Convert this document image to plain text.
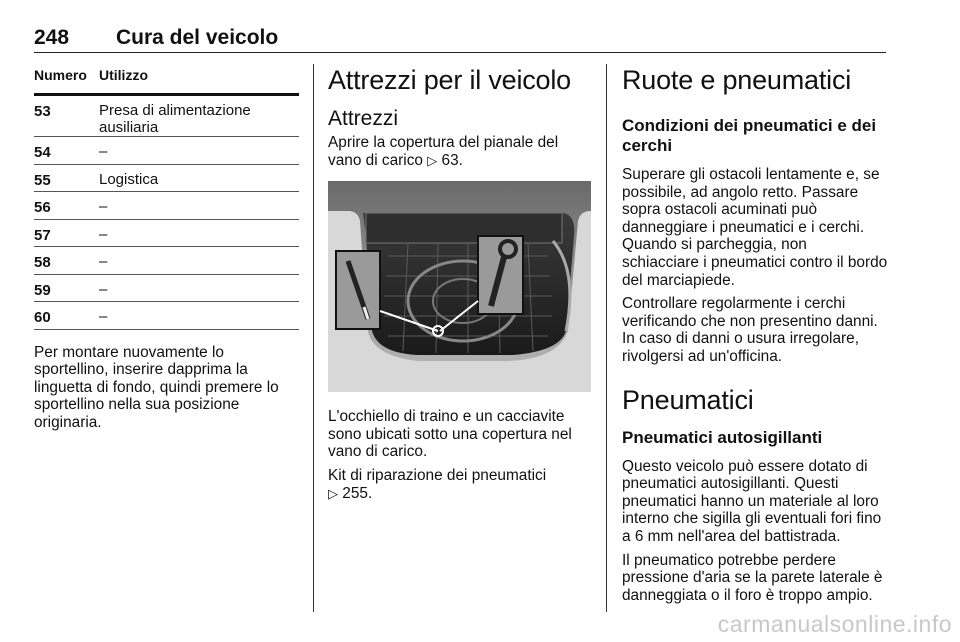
248 Cura del veicolo
Numero Utilizzo
53	Presa di alimentazione ausiliaria
54	–
55	Logistica
56	–
57	–
58	–
59	–
60	–

Per montare nuovamente lo sportellino, inserire dapprima la linguetta di fondo, quindi premere lo sportellino nella sua posizione originaria.

Attrezzi per il veicolo
Attrezzi

Aprire la copertura del pianale del vano di carico ▷ 63.

L'occhiello di traino e un cacciavite sono ubicati sotto una copertura nel vano di carico.

Kit di riparazione dei pneumatici
▷ 255.

Ruote e pneumatici
Condizioni dei pneumatici e dei cerchi

Superare gli ostacoli lentamente e, se possibile, ad angolo retto. Passare sopra ostacoli acuminati può danneggiare i pneumatici e i cerchi. Quando si parcheggia, non schiacciare i pneumatici contro il bordo del marciapiede.

Controllare regolarmente i cerchi verificando che non presentino danni. In caso di danni o usura irregolare, rivolgersi ad un'officina.

Pneumatici
Pneumatici autosigillanti

Questo veicolo può essere dotato di pneumatici autosigillanti. Questi pneumatici hanno un materiale al loro interno che sigilla gli eventuali fori fino a 6 mm nell'area del battistrada.

Il pneumatico potrebbe perdere pressione d'aria se la parete laterale è danneggiata o il foro è troppo ampio.

carmanualsonline.info
